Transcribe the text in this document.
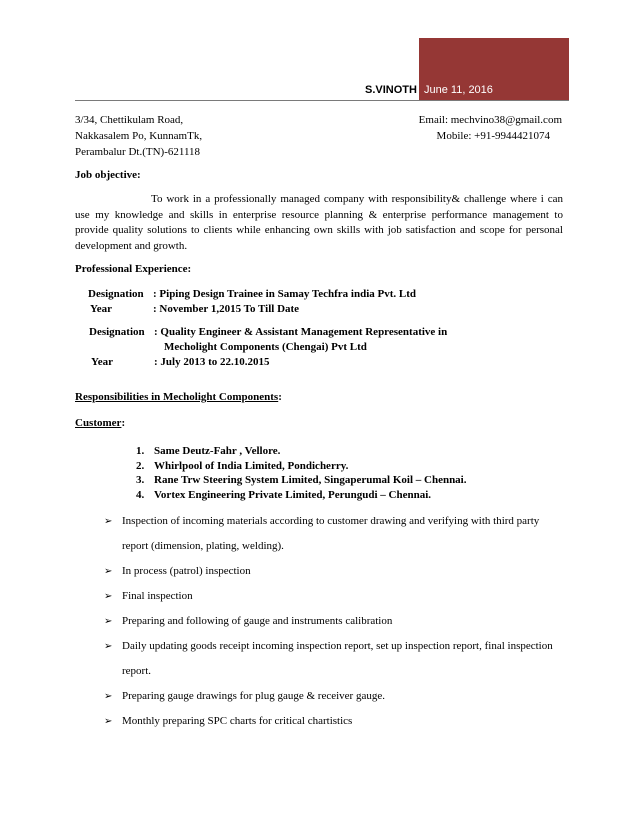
S.VINOTH June 11, 2016
3/34, Chettikulam Road,
Nakkasalem Po, KunnamTk,
Perambalur Dt.(TN)-621118
Email: mechvino38@gmail.com
Mobile: +91-9944421074
Job objective:
To work in a professionally managed company with responsibility& challenge where i can use my knowledge and skills in enterprise resource planning & enterprise performance management to provide quality solutions to clients while enhancing own skills with job satisfaction and scope for personal development and growth.
Professional Experience:
Designation	: Piping Design Trainee in Samay Techfra india Pvt. Ltd
Year	: November 1,2015 To Till Date
Designation	: Quality Engineer & Assistant Management Representative in
	Mecholight Components (Chengai) Pvt Ltd
Year	: July 2013 to 22.10.2015
Responsibilities in Mecholight Components:
Customer:
1. Same Deutz-Fahr , Vellore.
2. Whirlpool of India Limited, Pondicherry.
3. Rane Trw Steering System Limited, Singaperumal Koil – Chennai.
4. Vortex Engineering Private Limited, Perungudi – Chennai.
➢ Inspection of incoming materials according to customer drawing and verifying with third party
report (dimension, plating, welding).
➢ In process (patrol) inspection
➢ Final inspection
➢ Preparing and following of gauge and instruments calibration
➢ Daily updating goods receipt incoming inspection report, set up inspection report, final inspection
report.
➢ Preparing gauge drawings for plug gauge & receiver gauge.
➢ Monthly preparing SPC charts for critical chartistics
